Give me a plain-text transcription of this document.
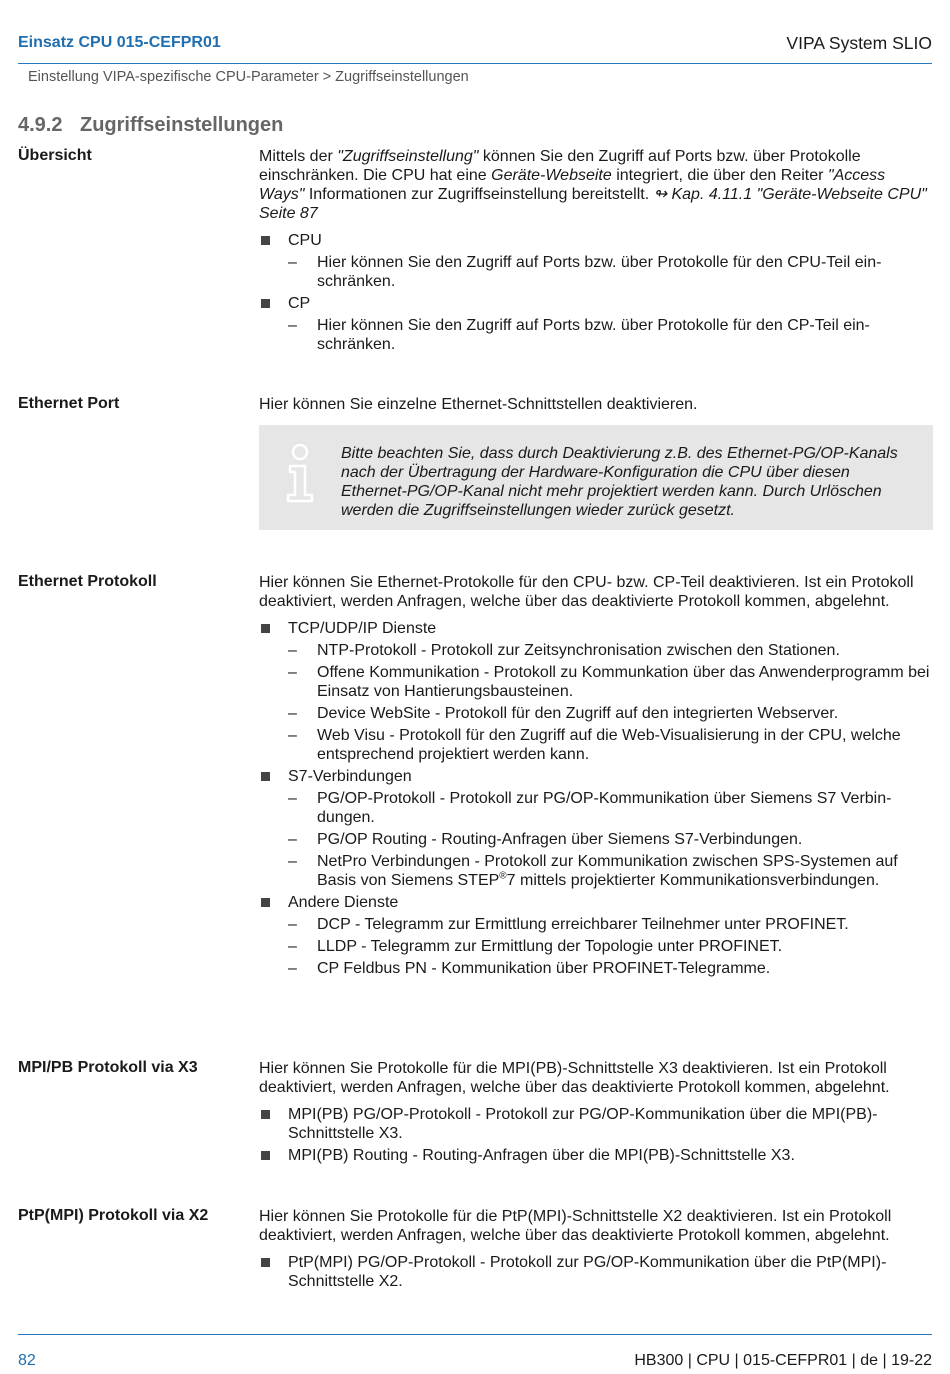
Einsatz CPU 015-CEFPR01	VIPA System SLIO
Einstellung VIPA-spezifische CPU-Parameter > Zugriffseinstellungen
4.9.2 Zugriffseinstellungen
Übersicht	Mittels der "Zugriffseinstellung" können Sie den Zugriff auf Ports bzw. über Protokolle einschränken. Die CPU hat eine Geräte-Webseite integriert, die über den Reiter "Access Ways" Informationen zur Zugriffseinstellung bereitstellt. ↬ Kap. 4.11.1 "Geräte-Webseite CPU" Seite 87

CPU
– Hier können Sie den Zugriff auf Ports bzw. über Protokolle für den CPU-Teil einschränken.
CP
– Hier können Sie den Zugriff auf Ports bzw. über Protokolle für den CP-Teil einschränken.
Ethernet Port	Hier können Sie einzelne Ethernet-Schnittstellen deaktivieren.
Bitte beachten Sie, dass durch Deaktivierung z.B. des Ethernet-PG/OP-Kanals nach der Übertragung der Hardware-Konfiguration die CPU über diesen Ethernet-PG/OP-Kanal nicht mehr projektiert werden kann. Durch Urlöschen werden die Zugriffseinstellungen wieder zurück gesetzt.
Ethernet Protokoll	Hier können Sie Ethernet-Protokolle für den CPU- bzw. CP-Teil deaktivieren. Ist ein Protokoll deaktiviert, werden Anfragen, welche über das deaktivierte Protokoll kommen, abgelehnt.

TCP/UDP/IP Dienste
– NTP-Protokoll - Protokoll zur Zeitsynchronisation zwischen den Stationen.
– Offene Kommunikation - Protokoll zu Kommunkation über das Anwenderprogramm bei Einsatz von Hantierungsbausteinen.
– Device WebSite - Protokoll für den Zugriff auf den integrierten Webserver.
– Web Visu - Protokoll für den Zugriff auf die Web-Visualisierung in der CPU, welche entsprechend projektiert werden kann.
S7-Verbindungen
– PG/OP-Protokoll - Protokoll zur PG/OP-Kommunikation über Siemens S7 Verbindungen.
– PG/OP Routing - Routing-Anfragen über Siemens S7-Verbindungen.
– NetPro Verbindungen - Protokoll zur Kommunikation zwischen SPS-Systemen auf Basis von Siemens STEP®7 mittels projektierter Kommunikationsverbindungen.
Andere Dienste
– DCP - Telegramm zur Ermittlung erreichbarer Teilnehmer unter PROFINET.
– LLDP - Telegramm zur Ermittlung der Topologie unter PROFINET.
– CP Feldbus PN - Kommunikation über PROFINET-Telegramme.
MPI/PB Protokoll via X3	Hier können Sie Protokolle für die MPI(PB)-Schnittstelle X3 deaktivieren. Ist ein Protokoll deaktiviert, werden Anfragen, welche über das deaktivierte Protokoll kommen, abgelehnt.

MPI(PB) PG/OP-Protokoll - Protokoll zur PG/OP-Kommunikation über die MPI(PB)-Schnittstelle X3.
MPI(PB) Routing - Routing-Anfragen über die MPI(PB)-Schnittstelle X3.
PtP(MPI) Protokoll via X2	Hier können Sie Protokolle für die PtP(MPI)-Schnittstelle X2 deaktivieren. Ist ein Protokoll deaktiviert, werden Anfragen, welche über das deaktivierte Protokoll kommen, abgelehnt.

PtP(MPI) PG/OP-Protokoll - Protokoll zur PG/OP-Kommunikation über die PtP(MPI)-Schnittstelle X2.
82	HB300 | CPU | 015-CEFPR01 | de | 19-22
